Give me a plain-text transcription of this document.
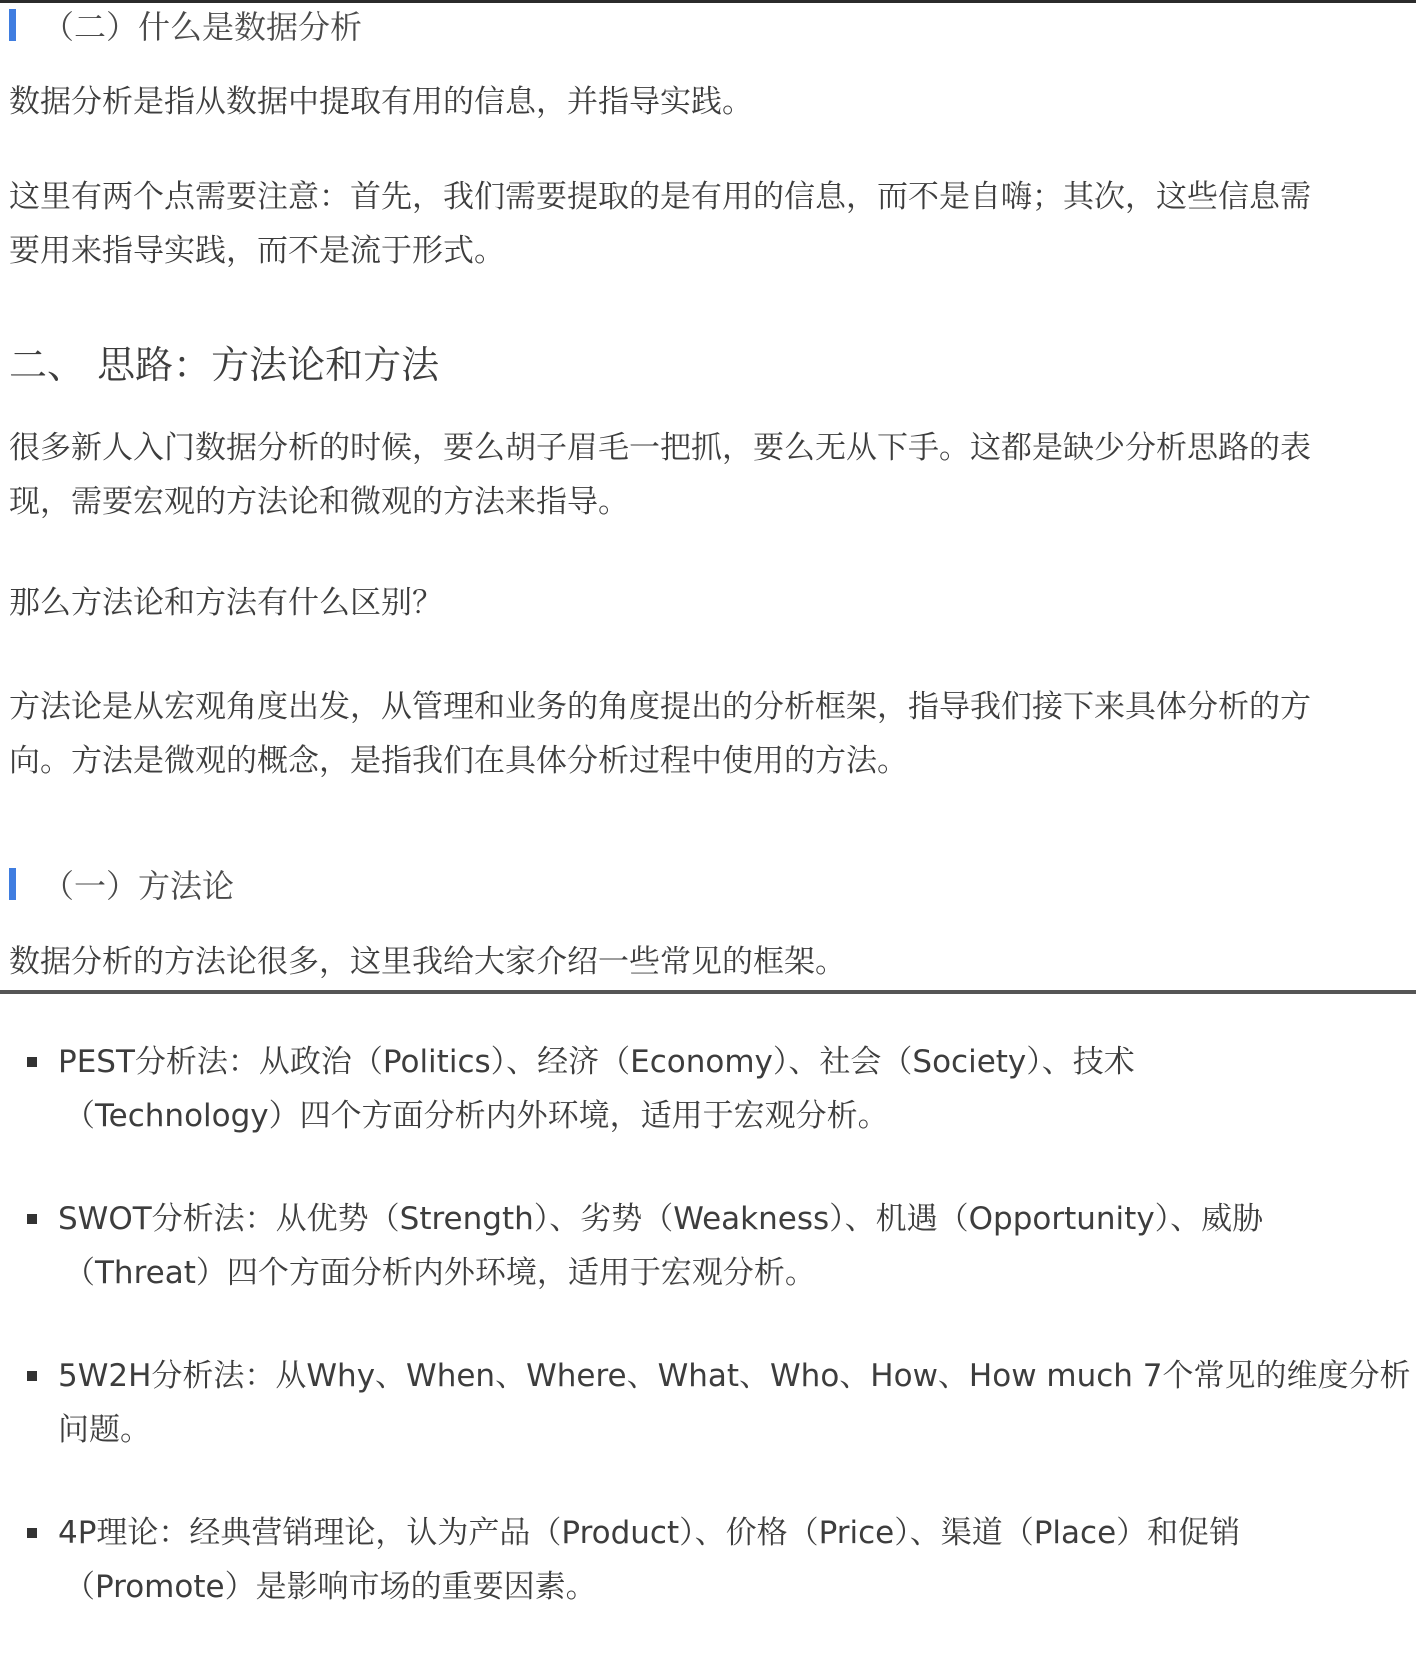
（二）什么是数据分析

数据分析是指从数据中提取有用的信息，并指导实践。

这里有两个点需要注意：首先，我们需要提取的是有用的信息，而不是自嗨；其次，这些信息需
要用来指导实践，而不是流于形式。

二、 思路：方法论和方法

很多新人入门数据分析的时候，要么胡子眉毛一把抓，要么无从下手。这都是缺少分析思路的表
现，需要宏观的方法论和微观的方法来指导。

那么方法论和方法有什么区别？

方法论是从宏观角度出发，从管理和业务的角度提出的分析框架，指导我们接下来具体分析的方
向。方法是微观的概念，是指我们在具体分析过程中使用的方法。

（一）方法论

数据分析的方法论很多，这里我给大家介绍一些常见的框架。

PEST分析法：从政治（Politics）、经济（Economy）、社会（Society）、技术

（Technology）四个方面分析内外环境，适用于宏观分析。
SWOT分析法：从优势（Strength）、劣势（Weakness）、机遇（Opportunity）、威胁

（Threat）四个方面分析内外环境，适用于宏观分析。
5W2H分析法：从Why、When、Where、What、Who、How、How much 7个常见的维度分析
问题。
4P理论：经典营销理论，认为产品（Product）、价格（Price）、渠道（Place）和促销

（Promote）是影响市场的重要因素。
